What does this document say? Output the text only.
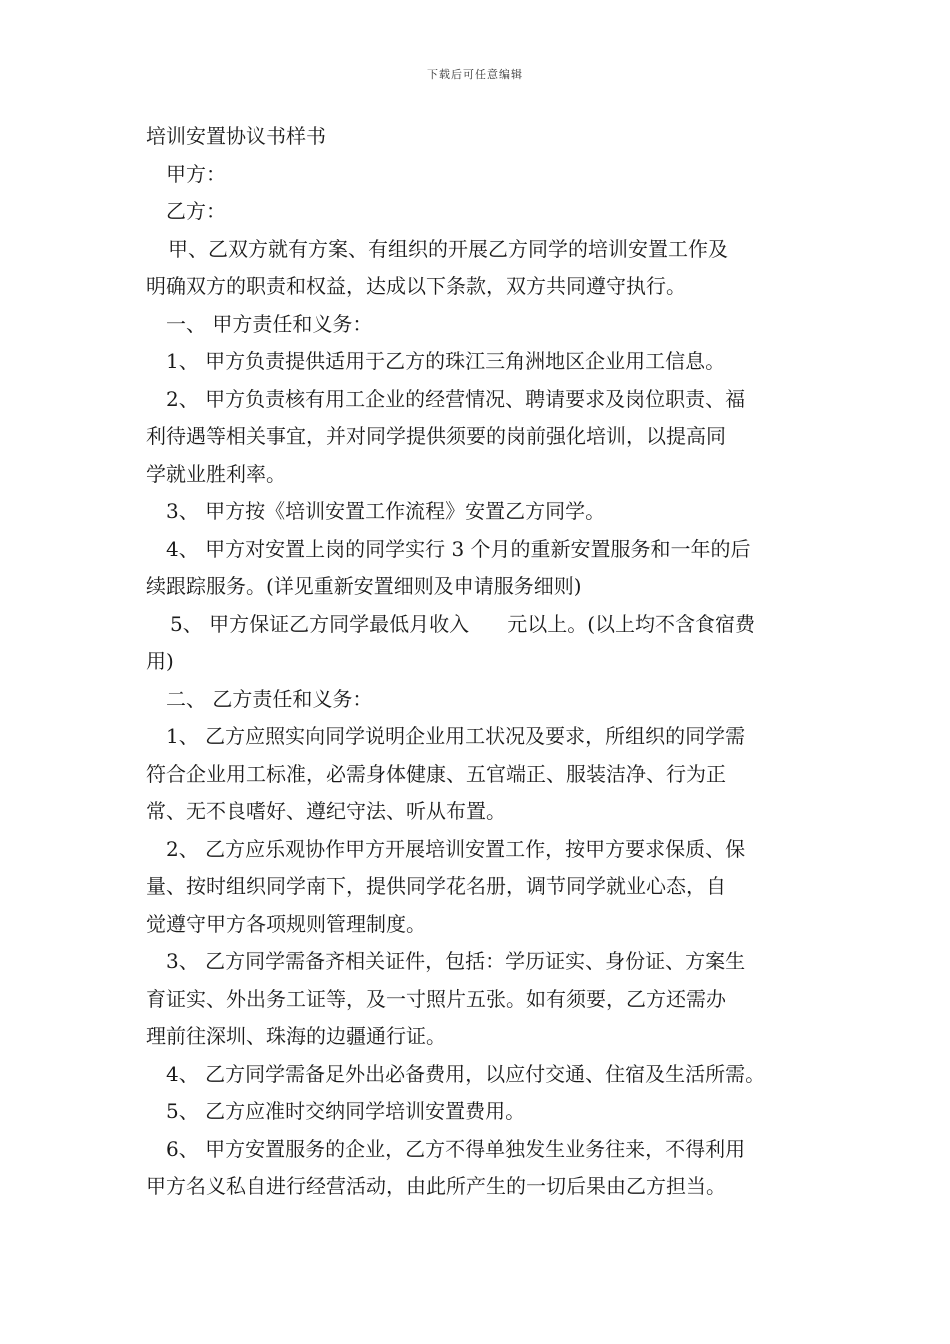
下载后可任意编辑
培训安置协议书样书
甲方：
乙方：
甲、乙双方就有方案、有组织的开展乙方同学的培训安置工作及
明确双方的职责和权益，达成以下条款，双方共同遵守执行。
一、 甲方责任和义务：
1、 甲方负责提供适用于乙方的珠江三角洲地区企业用工信息。
2、 甲方负责核有用工企业的经营情况、聘请要求及岗位职责、福
利待遇等相关事宜，并对同学提供须要的岗前强化培训，以提高同
学就业胜利率。
3、 甲方按《培训安置工作流程》安置乙方同学。
4、 甲方对安置上岗的同学实行 3 个月的重新安置服务和一年的后
续跟踪服务。(详见重新安置细则及申请服务细则)
5、 甲方保证乙方同学最低月收入      元以上。(以上均不含食宿费
用)
二、 乙方责任和义务：
1、 乙方应照实向同学说明企业用工状况及要求，所组织的同学需
符合企业用工标准，必需身体健康、五官端正、服装洁净、行为正
常、无不良嗜好、遵纪守法、听从布置。
2、 乙方应乐观协作甲方开展培训安置工作，按甲方要求保质、保
量、按时组织同学南下，提供同学花名册，调节同学就业心态，自
觉遵守甲方各项规则管理制度。
3、 乙方同学需备齐相关证件，包括：学历证实、身份证、方案生
育证实、外出务工证等，及一寸照片五张。如有须要，乙方还需办
理前往深圳、珠海的边疆通行证。
4、 乙方同学需备足外出必备费用，以应付交通、住宿及生活所需。
5、 乙方应准时交纳同学培训安置费用。
6、 甲方安置服务的企业，乙方不得单独发生业务往来，不得利用
甲方名义私自进行经营活动，由此所产生的一切后果由乙方担当。
